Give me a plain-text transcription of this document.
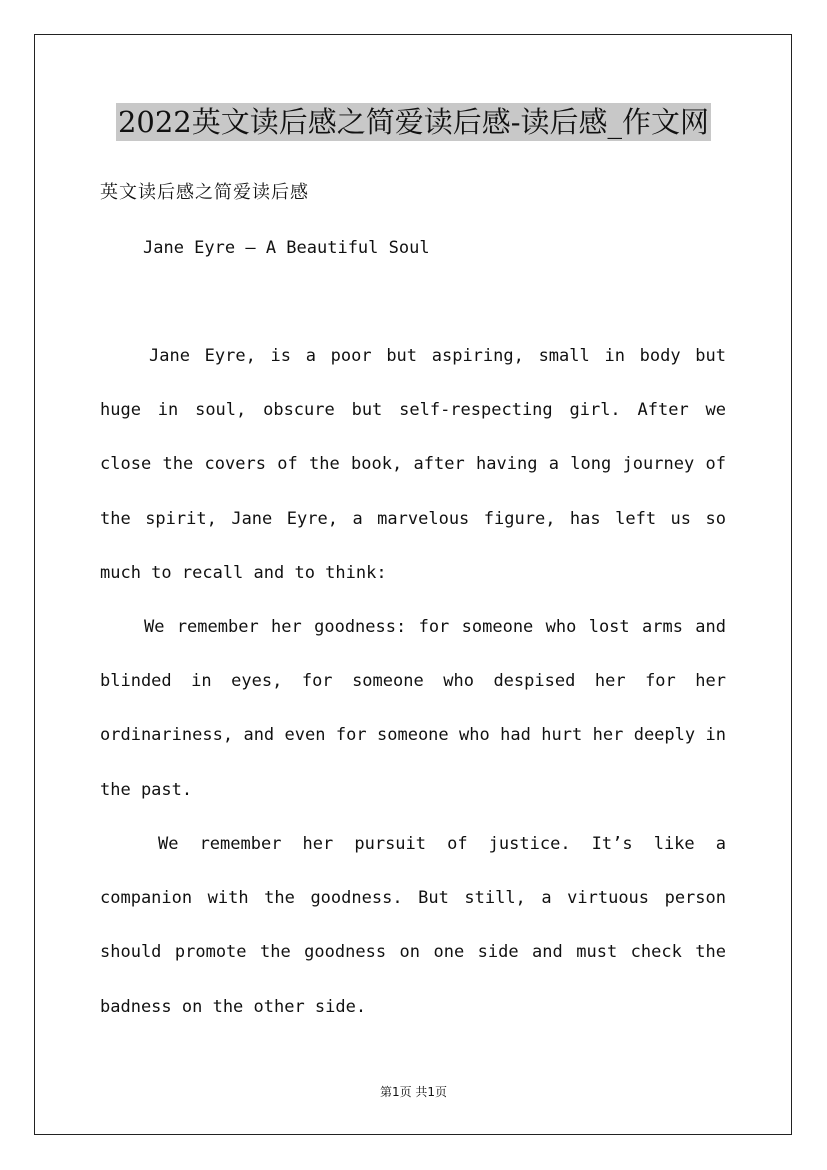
2022英文读后感之简爱读后感-读后感_作文网
英文读后感之简爱读后感
Jane Eyre — A Beautiful Soul

Jane Eyre, is a poor but aspiring, small in body but huge in soul, obscure but self-respecting girl. After we close the covers of the book, after having a long journey of the spirit, Jane Eyre, a marvelous figure, has left us so much to recall and to think:

We remember her goodness: for someone who lost arms and blinded in eyes, for someone who despised her for her ordinariness, and even for someone who had hurt her deeply in the past.

We remember her pursuit of justice. It’s like a companion with the goodness. But still, a virtuous person should promote the goodness on one side and must check the badness on the other side.

第1页 共1页
